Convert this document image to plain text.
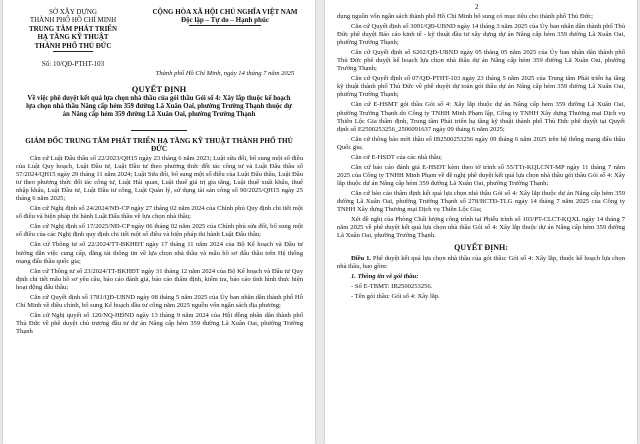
SỞ XÂY DỰNG
THÀNH PHỐ HỒ CHÍ MINH
TRUNG TÂM PHÁT TRIỂN
HẠ TẦNG KỸ THUẬT
THÀNH PHỐ THỦ ĐỨC
Số: 10/QĐ-PTHT-103
CỘNG HÒA XÃ HỘI CHỦ NGHĨA VIỆT NAM
Độc lập – Tự do – Hạnh phúc
Thành phố Hồ Chí Minh, ngày 14 tháng 7 năm 2025
QUYẾT ĐỊNH
Về việc phê duyệt kết quả lựa chọn nhà thầu của gói thầu Gói số 4: Xây lắp thuộc kế hoạch lựa chọn nhà thầu Nâng cấp hẻm 359 đường Lã Xuân Oai, phường Trường Thạnh thuộc dự án Nâng cấp hẻm 359 đường Lã Xuân Oai, phường Trường Thạnh
GIÁM ĐỐC TRUNG TÂM PHÁT TRIỂN HẠ TẦNG KỸ THUẬT THÀNH PHỐ THỦ ĐỨC

Căn cứ Luật Đấu thầu số 22/2023/QH15 ngày 23 tháng 6 năm 2023; Luật sửa đổi, bổ sung một số điều của Luật Quy hoạch, Luật Đầu tư, Luật Đầu tư theo phương thức đối tác công tư và Luật Đấu thầu số 57/2024/QH15 ngày 29 tháng 11 năm 2024; Luật Sửa đổi, bổ sung một số điều của Luật Đấu thầu, Luật Đầu tư theo phương thức đối tác công tư, Luật Hải quan, Luật thuế giá trị gia tăng, Luật thuế xuất khẩu, thuế nhập khẩu, Luật Đầu tư, Luật Đầu tư công, Luật Quản lý, sử dụng tài sản công số 90/2025/QH15 ngày 25 tháng 6 năm 2025;

Căn cứ Nghị định số 24/2024/NĐ-CP ngày 27 tháng 02 năm 2024 của Chính phủ Quy định chi tiết một số điều và biện pháp thi hành Luật Đấu thầu về lựa chọn nhà thầu;

Căn cứ Nghị định số 17/2025/NĐ-CP ngày 06 tháng 02 năm 2025 của Chính phủ sửa đổi, bổ sung một số điều của các Nghị định quy định chi tiết một số điều và biện pháp thi hành Luật Đấu thầu;

Căn cứ Thông tư số 22/2024/TT-BKHĐT ngày 17 tháng 11 năm 2024 của Bộ Kế hoạch và Đầu tư hướng dẫn việc cung cấp, đăng tải thông tin về lựa chọn nhà thầu và mẫu hồ sơ đấu thầu trên Hệ thống mạng đấu thầu quốc gia;

Căn cứ Thông tư số 23/2024/TT-BKHĐT ngày 31 tháng 12 năm 2024 của Bộ Kế hoạch và Đầu tư Quy định chi tiết mẫu hồ sơ yêu cầu, báo cáo đánh giá, báo cáo thẩm định, kiểm tra, báo cáo tình hình thực hiện hoạt động đấu thầu;

Căn cứ Quyết định số 1781/QĐ-UBND ngày 08 tháng 5 năm 2025 của Ủy ban nhân dân thành phố Hồ Chí Minh về điều chỉnh, bổ sung Kế hoạch đầu tư công năm 2025 nguồn vốn ngân sách địa phương;

Căn cứ Nghị quyết số 120/NQ-HĐND ngày 13 tháng 9 năm 2024 của Hội đồng nhân dân thành phố Thủ Đức về phê duyệt chủ trương đầu tư dự án Nâng cấp hẻm 359 đường Lã Xuân Oai, phường Trường Thạnh

2

dụng nguồn vốn ngân sách thành phố Hồ Chí Minh bổ sung có mục tiêu cho thành phố Thủ Đức;

Căn cứ Quyết định số 3091/QĐ-UBND ngày 14 tháng 3 năm 2025 của Ủy ban nhân dân thành phố Thủ Đức phê duyệt Báo cáo kinh tế - kỹ thuật đầu tư xây dựng dự án Nâng cấp hẻm 359 đường Lã Xuân Oai, phường Trường Thạnh;

Căn cứ Quyết định số 6202/QĐ-UBND ngày 05 tháng 05 năm 2025 của Ủy ban nhân dân thành phố Thủ Đức phê duyệt kế hoạch lựa chọn nhà thầu dự án Nâng cấp hẻm 359 đường Lã Xuân Oai, phường Trường Thạnh;

Căn cứ Quyết định số 07/QĐ-PTHT-103 ngày 23 tháng 5 năm 2025 của Trung tâm Phát triển hạ tầng kỹ thuật thành phố Thủ Đức về phê duyệt dự toán gói thầu dự án Nâng cấp hẻm 359 đường Lã Xuân Oai, phường Trường Thạnh;

Căn cứ E-HSMT gói thầu Gói số 4: Xây lắp thuộc dự án Nâng cấp hẻm 359 đường Lã Xuân Oai, phường Trường Thạnh do Công ty TNHH Minh Phạm lập, Công ty TNHH Xây dựng Thương mại Dịch vụ Thiên Lộc Gia thẩm định, Trung tâm Phát triển hạ tầng kỹ thuật thành phố Thủ Đức phê duyệt tại Quyết định số E2500253256_2506091637 ngày 09 tháng 6 năm 2025;

Căn cứ thông báo mời thầu số IB2500253256 ngày 09 tháng 6 năm 2025 trên hệ thống mạng đấu thầu Quốc gia;

Căn cứ E-HSDT của các nhà thầu;

Căn cứ báo cáo đánh giá E-HSDT kèm theo tờ trình số 55/TTr-KQLCNT-MP ngày 11 tháng 7 năm 2025 của Công ty TNHH Minh Phạm về đề nghị phê duyệt kết quả lựa chọn nhà thầu gói thầu Gói số 4: Xây lắp thuộc dự án Nâng cấp hẻm 359 đường Lã Xuân Oai, phường Trường Thạnh;

Căn cứ báo cáo thẩm định kết quả lựa chọn nhà thầu Gói số 4: Xây lắp thuộc dự án Nâng cấp hẻm 359 đường Lã Xuân Oai, phường Trường Thạnh số 278/BCTĐ-TLG ngày 14 tháng 7 năm 2025 của Công ty TNHH Xây dựng Thương mại Dịch vụ Thiên Lộc Gia;

Xét đề nghị của Phòng Chất lượng công trình tại Phiếu trình số 103/PT-CLCT-KQXL ngày 14 tháng 7 năm 2025 về phê duyệt kết quả lựa chọn nhà thầu Gói số 4: Xây lắp thuộc dự án Nâng cấp hẻm 359 đường Lã Xuân Oai, phường Trường Thạnh.

QUYẾT ĐỊNH:

Điều 1. Phê duyệt kết quả lựa chọn nhà thầu của gói thầu: Gói số 4: Xây lắp, thuộc kế hoạch lựa chọn nhà thầu, bao gồm:

1. Thông tin về gói thầu:

- Số E-TBMT: IB2500253256.

- Tên gói thầu: Gói số 4: Xây lắp.
